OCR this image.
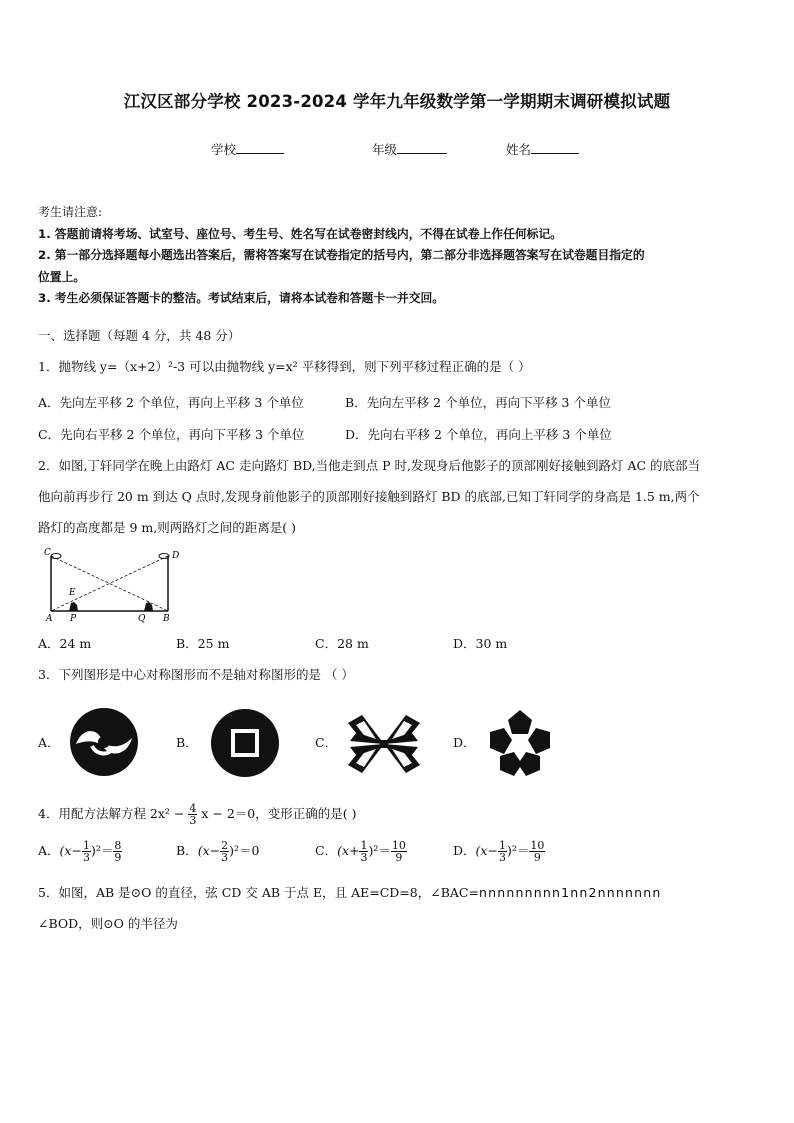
江汉区部分学校 2023-2024 学年九年级数学第一学期期末调研模拟试题
学校	年级	姓名
考生请注意:
1. 答题前请将考场、试室号、座位号、考生号、姓名写在试卷密封线内，不得在试卷上作任何标记。
2. 第一部分选择题每小题选出答案后，需将答案写在试卷指定的括号内，第二部分非选择题答案写在试卷题目指定的
位置上。
3. 考生必须保证答题卡的整洁。考试结束后，请将本试卷和答题卡一并交回。
一、选择题（每题 4 分，共 48 分）
1．抛物线 y=（x+2）²-3 可以由抛物线 y=x² 平移得到，则下列平移过程正确的是（ ）
A．先向左平移 2 个单位，再向上平移 3 个单位	B．先向左平移 2 个单位，再向下平移 3 个单位
C．先向右平移 2 个单位，再向下平移 3 个单位	D．先向右平移 2 个单位，再向上平移 3 个单位
2．如图,丁轩同学在晚上由路灯 AC 走向路灯 BD,当他走到点 P 时,发现身后他影子的顶部刚好接触到路灯 AC 的底部当
他向前再步行 20 m 到达 Q 点时,发现身前他影子的顶部刚好接触到路灯 BD 的底部,已知丁轩同学的身高是 1.5 m,两个
路灯的高度都是 9 m,则两路灯之间的距离是( )
C	D
E
A P	Q B
A．24 m	B．25 m	C．28 m	D．30 m
3．下列图形是中心对称图形而不是轴对称图形的是 （ ）
A．	B．	C．	D．
4．用配方法解方程 $2x^2 - \frac{4}{3}$ x − 2＝0，变形正确的是( )
A．$(x- \frac{1}{3} )^2= \frac{8}{9}$	B．$(x- \frac{2}{3} )^2=0$	C．$(x+ \frac{1}{3} )^2= \frac{10}{9}$	D．$(x- \frac{1}{3} )^2= \frac{10}{9}$
5．如图，AB 是⊙O 的直径，弦 CD 交 AB 于点 E，且 AE=CD=8，∠BAC=nnnnnnnnn1nn2nnnnnnn
∠BOD，则⊙O 的半径为
